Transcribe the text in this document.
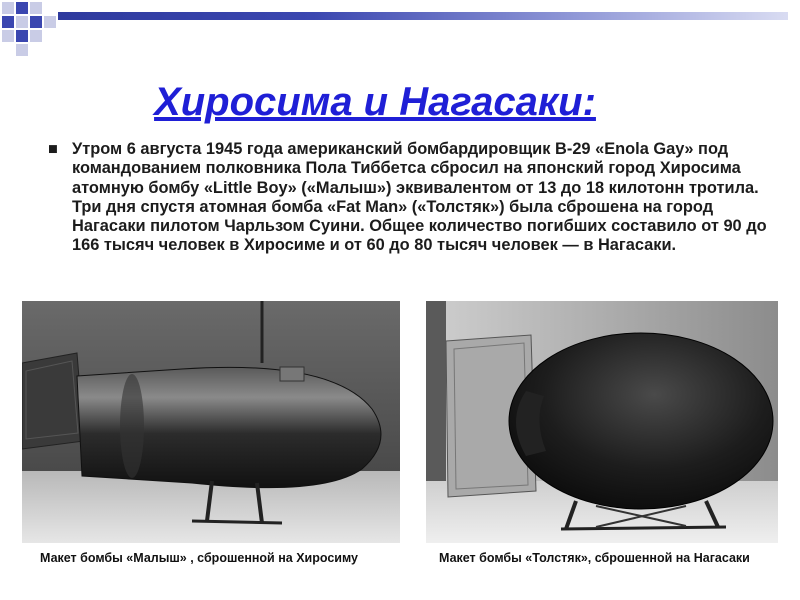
Хиросима и Нагасаки:
■ Утром 6 августа 1945 года американский бомбардировщик B-29 «Enola Gay» под командованием полковника Пола Тиббетса сбросил на японский город Хиросима атомную бомбу «Little Boy» («Малыш») эквивалентом от 13 до 18 килотонн тротила. Три дня спустя атомная бомба «Fat Man» («Толстяк») была сброшена на город Нагасаки пилотом Чарльзом Суини. Общее количество погибших составило от 90 до 166 тысяч человек в Хиросиме и от 60 до 80 тысяч человек — в Нагасаки.
Макет бомбы «Малыш» , сброшенной на Хиросиму	Макет бомбы «Толстяк», сброшенной на Нагасаки
